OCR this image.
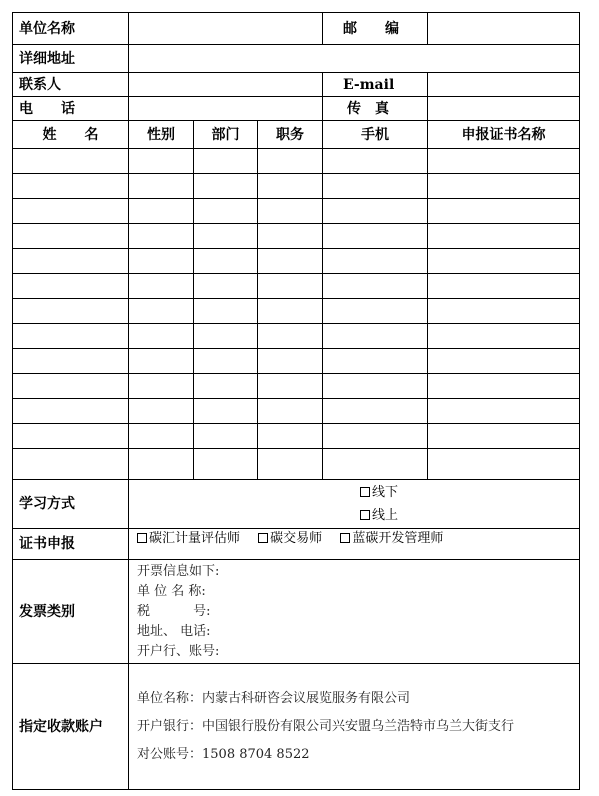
单位名称				邮　　编	
详细地址					
联系人				E-mail	
电　　话				传　真	
姓　　名	性别	部门	职务	手机	申报证书名称

学习方式	线下
线上				

证书申报	碳汇计量评估师 碳交易师 蓝碳开发管理师				
发票类别	开票信息如下:
单 位 名 称:
税　　　 号:
地址、 电话:
开户行、账号:				

指定收款账户	单位名称：内蒙古科研咨会议展览服务有限公司
开户银行：中国银行股份有限公司兴安盟乌兰浩特市乌兰大街支行
对公账号：1508 8704 8522				
